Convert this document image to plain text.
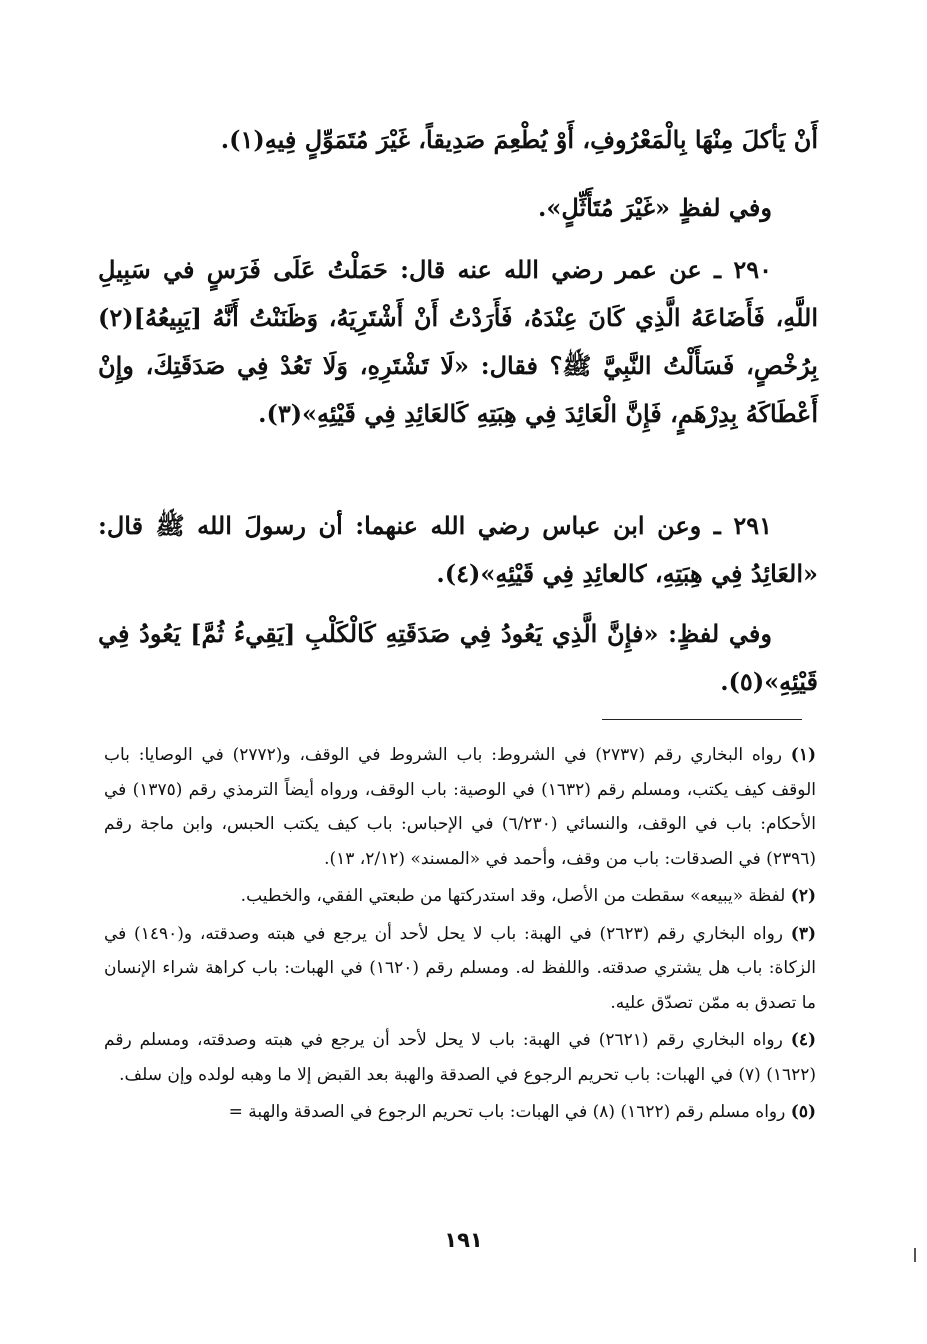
أَنْ يَأكلَ مِنْهَا بِالْمَعْرُوفِ، أَوْ يُطْعِمَ صَدِيقاً، غَيْرَ مُتَمَوِّلٍ فِيهِ(١).

وفي لفظٍ «غَيْرَ مُتَأَثِّلٍ».

٢٩٠ ـ عن عمر رضي الله عنه قال: حَمَلْتُ عَلَى فَرَسٍ في سَبِيلِ اللَّهِ، فَأَضَاعَهُ الَّذِي كَانَ عِنْدَهُ، فَأَرَدْتُ أَنْ أَشْتَرِيَهُ، وَظَنَنْتُ أَنَّهُ [يَبِيعُهُ](٢) بِرُخْصٍ، فَسَأَلْتُ النَّبِيَّ ﷺ؟ فقال: «لَا تَشْتَرِهِ، وَلَا تَعُدْ فِي صَدَقَتِكَ، وإِنْ أَعْطَاكَهُ بِدِرْهَمٍ، فَإِنَّ الْعَائِدَ فِي هِبَتِهِ كَالعَائِدِ فِي قَيْئِهِ»(٣).

٢٩١ ـ وعن ابن عباس رضي الله عنهما: أن رسولَ الله ﷺ قال: «العَائِدُ فِي هِبَتِهِ، كالعائِدِ فِي قَيْئِهِ»(٤).

وفي لفظٍ: «فإِنَّ الَّذِي يَعُودُ فِي صَدَقَتِهِ كَالْكَلْبِ [يَقِيءُ ثُمَّ] يَعُودُ فِي قَيْئِهِ»(٥).

(١) رواه البخاري رقم (٢٧٣٧) في الشروط: باب الشروط في الوقف، و(٢٧٧٢) في الوصايا: باب الوقف كيف يكتب، ومسلم رقم (١٦٣٢) في الوصية: باب الوقف، ورواه أيضاً الترمذي رقم (١٣٧٥) في الأحكام: باب في الوقف، والنسائي (٦/٢٣٠) في الإحباس: باب كيف يكتب الحبس، وابن ماجة رقم (٢٣٩٦) في الصدقات: باب من وقف، وأحمد في «المسند» (٢/١٢، ١٣).
(٢) لفظة «يبيعه» سقطت من الأصل، وقد استدركتها من طبعتي الفقي، والخطيب.
(٣) رواه البخاري رقم (٢٦٢٣) في الهبة: باب لا يحل لأحد أن يرجع في هبته وصدقته، و(١٤٩٠) في الزكاة: باب هل يشتري صدقته. واللفظ له. ومسلم رقم (١٦٢٠) في الهبات: باب كراهة شراء الإنسان ما تصدق به ممّن تصدّق عليه.
(٤) رواه البخاري رقم (٢٦٢١) في الهبة: باب لا يحل لأحد أن يرجع في هبته وصدقته، ومسلم رقم (١٦٢٢) (٧) في الهبات: باب تحريم الرجوع في الصدقة والهبة بعد القبض إلا ما وهبه لولده وإن سلف.
(٥) رواه مسلم رقم (١٦٢٢) (٨) في الهبات: باب تحريم الرجوع في الصدقة والهبة =
١٩١
